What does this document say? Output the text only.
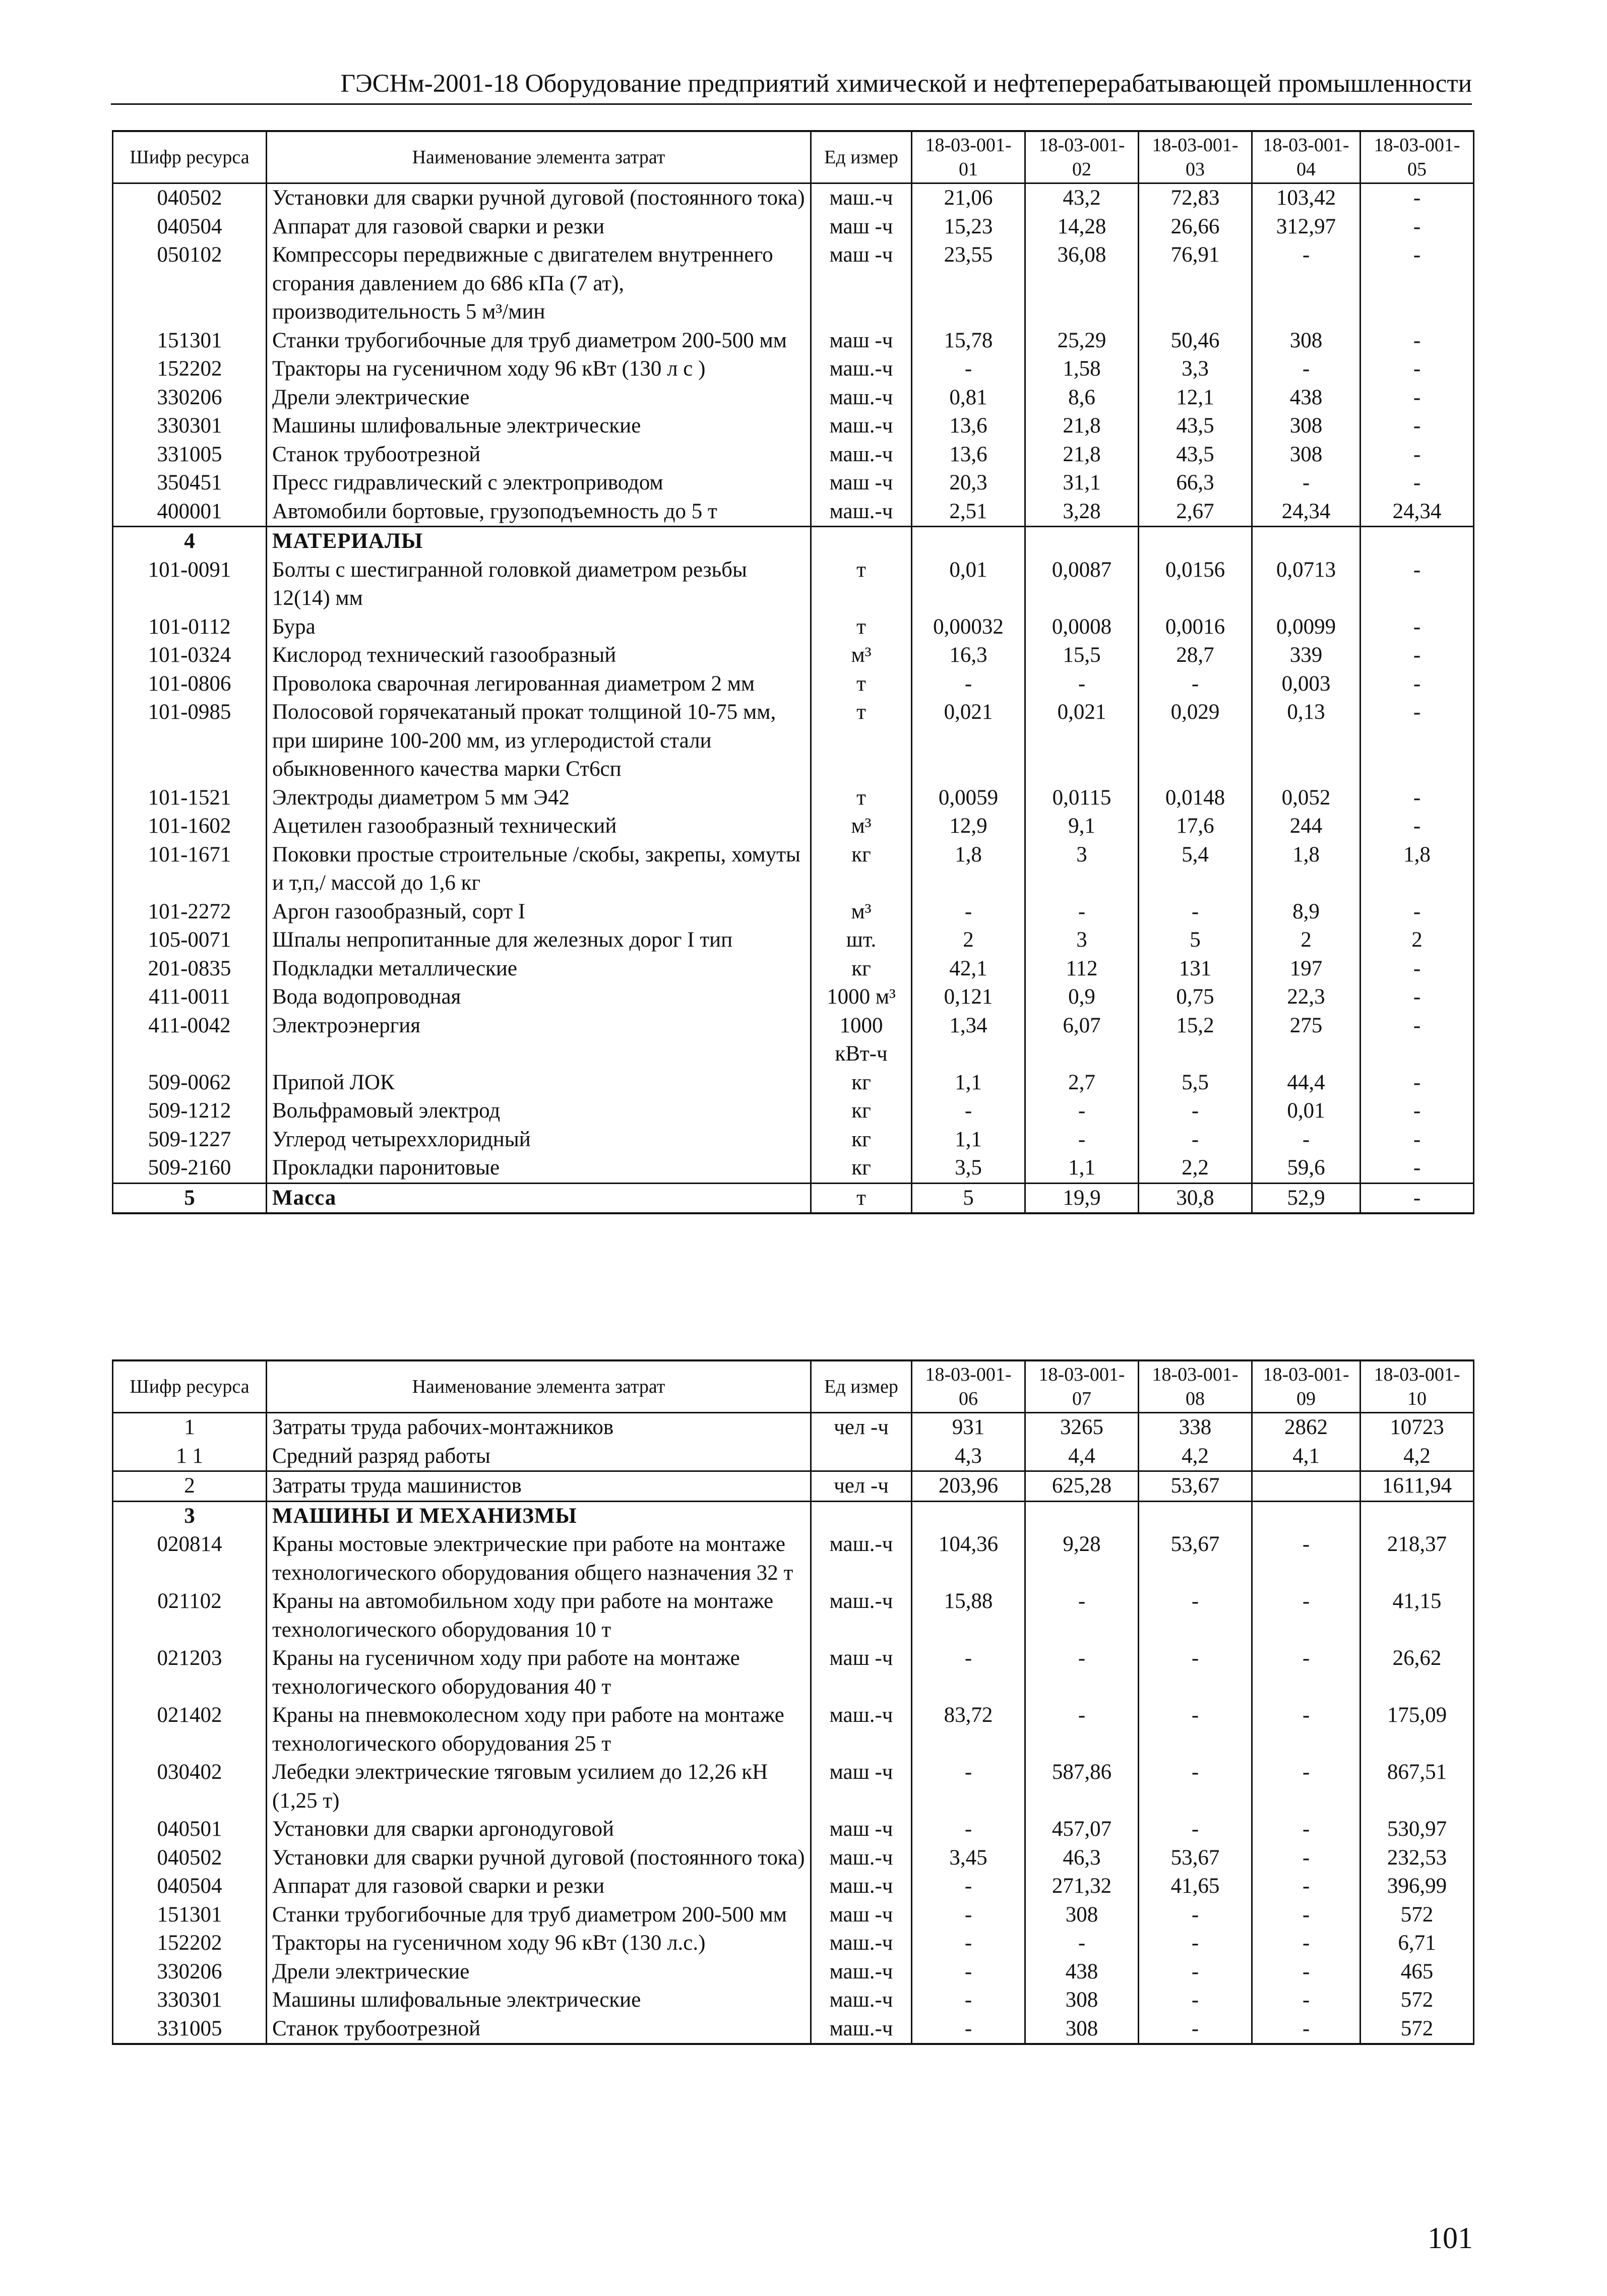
ГЭСНм-2001-18 Оборудование предприятий химической и нефтеперерабатывающей промышленности
Шифр ресурса	Наименование элемента затрат	Ед измер	18-03-001-01	18-03-001-02	18-03-001-03	18-03-001-04	18-03-001-05
040502	Установки для сварки ручной дуговой (постоянного тока)	маш.-ч	21,06	43,2	72,83	103,42	-
040504	Аппарат для газовой сварки и резки	маш -ч	15,23	14,28	26,66	312,97	-
050102	Компрессоры передвижные с двигателем внутреннего сгорания давлением до 686 кПа (7 ат), производительность 5 м³/мин	маш -ч	23,55	36,08	76,91	-	-
151301	Станки трубогибочные для труб диаметром 200-500 мм	маш -ч	15,78	25,29	50,46	308	-
152202	Тракторы на гусеничном ходу 96 кВт (130 л с )	маш.-ч	-	1,58	3,3	-	-
330206	Дрели электрические	маш.-ч	0,81	8,6	12,1	438	-
330301	Машины шлифовальные электрические	маш.-ч	13,6	21,8	43,5	308	-
331005	Станок трубоотрезной	маш.-ч	13,6	21,8	43,5	308	-
350451	Пресс гидравлический с электроприводом	маш -ч	20,3	31,1	66,3	-	-
400001	Автомобили бортовые, грузоподъемность до 5 т	маш.-ч	2,51	3,28	2,67	24,34	24,34
4	МАТЕРИАЛЫ						
101-0091	Болты с шестигранной головкой диаметром резьбы 12(14) мм	т	0,01	0,0087	0,0156	0,0713	-
101-0112	Бура	т	0,00032	0,0008	0,0016	0,0099	-
101-0324	Кислород технический газообразный	м³	16,3	15,5	28,7	339	-
101-0806	Проволока сварочная легированная диаметром 2 мм	т	-	-	-	0,003	-
101-0985	Полосовой горячекатаный прокат толщиной 10-75 мм, при ширине 100-200 мм, из углеродистой стали обыкновенного качества марки Ст6сп	т	0,021	0,021	0,029	0,13	-
101-1521	Электроды диаметром 5 мм Э42	т	0,0059	0,0115	0,0148	0,052	-
101-1602	Ацетилен газообразный технический	м³	12,9	9,1	17,6	244	-
101-1671	Поковки простые строительные /скобы, закрепы, хомуты и т,п,/ массой до 1,6 кг	кг	1,8	3	5,4	1,8	1,8
101-2272	Аргон газообразный, сорт I	м³	-	-	-	8,9	-
105-0071	Шпалы непропитанные для железных дорог I тип	шт.	2	3	5	2	2
201-0835	Подкладки металлические	кг	42,1	112	131	197	-
411-0011	Вода водопроводная	1000 м³	0,121	0,9	0,75	22,3	-
411-0042	Электроэнергия	1000 кВт-ч	1,34	6,07	15,2	275	-
509-0062	Припой ЛОК	кг	1,1	2,7	5,5	44,4	-
509-1212	Вольфрамовый электрод	кг	-	-	-	0,01	-
509-1227	Углерод четыреххлоридный	кг	1,1	-	-	-	-
509-2160	Прокладки паронитовые	кг	3,5	1,1	2,2	59,6	-
5	Масса	т	5	19,9	30,8	52,9	-
Шифр ресурса	Наименование элемента затрат	Ед измер	18-03-001-06	18-03-001-07	18-03-001-08	18-03-001-09	18-03-001-10
1	Затраты труда рабочих-монтажников	чел -ч	931	3265	338	2862	10723
1 1	Средний разряд работы		4,3	4,4	4,2	4,1	4,2
2	Затраты труда машинистов	чел -ч	203,96	625,28	53,67		1611,94
3	МАШИНЫ И МЕХАНИЗМЫ						
020814	Краны мостовые электрические при работе на монтаже технологического оборудования общего назначения 32 т	маш.-ч	104,36	9,28	53,67	-	218,37
021102	Краны на автомобильном ходу при работе на монтаже технологического оборудования 10 т	маш.-ч	15,88	-	-	-	41,15
021203	Краны на гусеничном ходу при работе на монтаже технологического оборудования 40 т	маш -ч	-	-	-	-	26,62
021402	Краны на пневмоколесном ходу при работе на монтаже технологического оборудования 25 т	маш.-ч	83,72	-	-	-	175,09
030402	Лебедки электрические тяговым усилием до 12,26 кН (1,25 т)	маш -ч	-	587,86	-	-	867,51
040501	Установки для сварки аргонодуговой	маш -ч	-	457,07	-	-	530,97
040502	Установки для сварки ручной дуговой (постоянного тока)	маш.-ч	3,45	46,3	53,67	-	232,53
040504	Аппарат для газовой сварки и резки	маш.-ч	-	271,32	41,65	-	396,99
151301	Станки трубогибочные для труб диаметром 200-500 мм	маш -ч	-	308	-	-	572
152202	Тракторы на гусеничном ходу 96 кВт (130 л.с.)	маш.-ч	-	-	-	-	6,71
330206	Дрели электрические	маш.-ч	-	438	-	-	465
330301	Машины шлифовальные электрические	маш.-ч	-	308	-	-	572
331005	Станок трубоотрезной	маш.-ч	-	308	-	-	572
101
